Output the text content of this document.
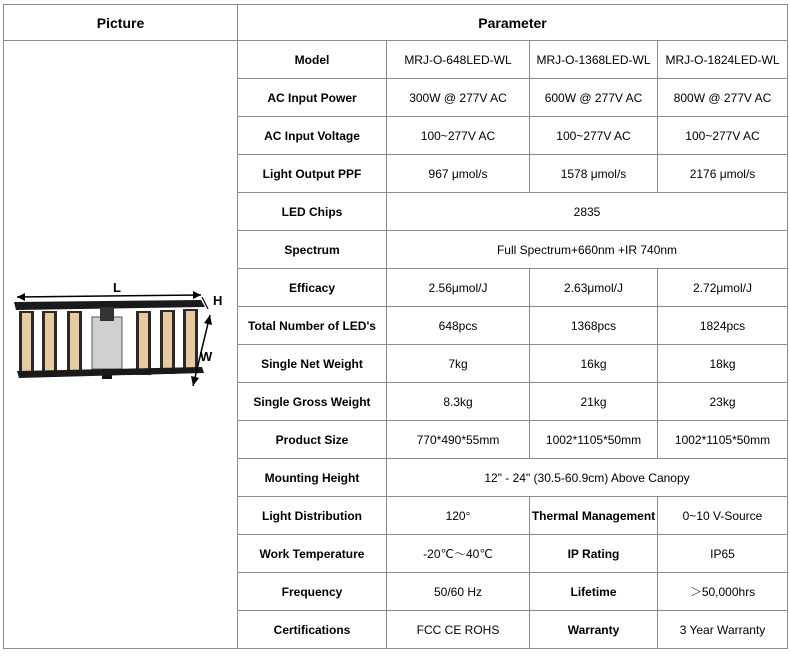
Picture	Parameter			

L
H
W	Model	MRJ-O-648LED-WL	MRJ-O-1368LED-WL	MRJ-O-1824LED-WL
	AC Input Power	300W @ 277V AC	600W @ 277V AC	800W @ 277V AC
	AC Input Voltage	100~277V AC	100~277V AC	100~277V AC
	Light Output PPF	967 μmol/s	1578 μmol/s	2176 μmol/s
	LED Chips	2835		
	Spectrum	Full Spectrum+660nm +IR 740nm		
	Efficacy	2.56μmol/J	2.63μmol/J	2.72μmol/J
	Total Number of LED's	648pcs	1368pcs	1824pcs
	Single Net Weight	7kg	16kg	18kg
	Single Gross Weight	8.3kg	21kg	23kg
	Product Size	770*490*55mm	1002*1105*50mm	1002*1105*50mm
	Mounting Height	12" - 24" (30.5-60.9cm) Above Canopy		
	Light Distribution	120°	Thermal Management	0~10 V-Source
	Work Temperature	-20℃～40℃	IP Rating	IP65
	Frequency	50/60 Hz	Lifetime	＞50,000hrs
	Certifications	FCC CE ROHS	Warranty	3 Year Warranty
